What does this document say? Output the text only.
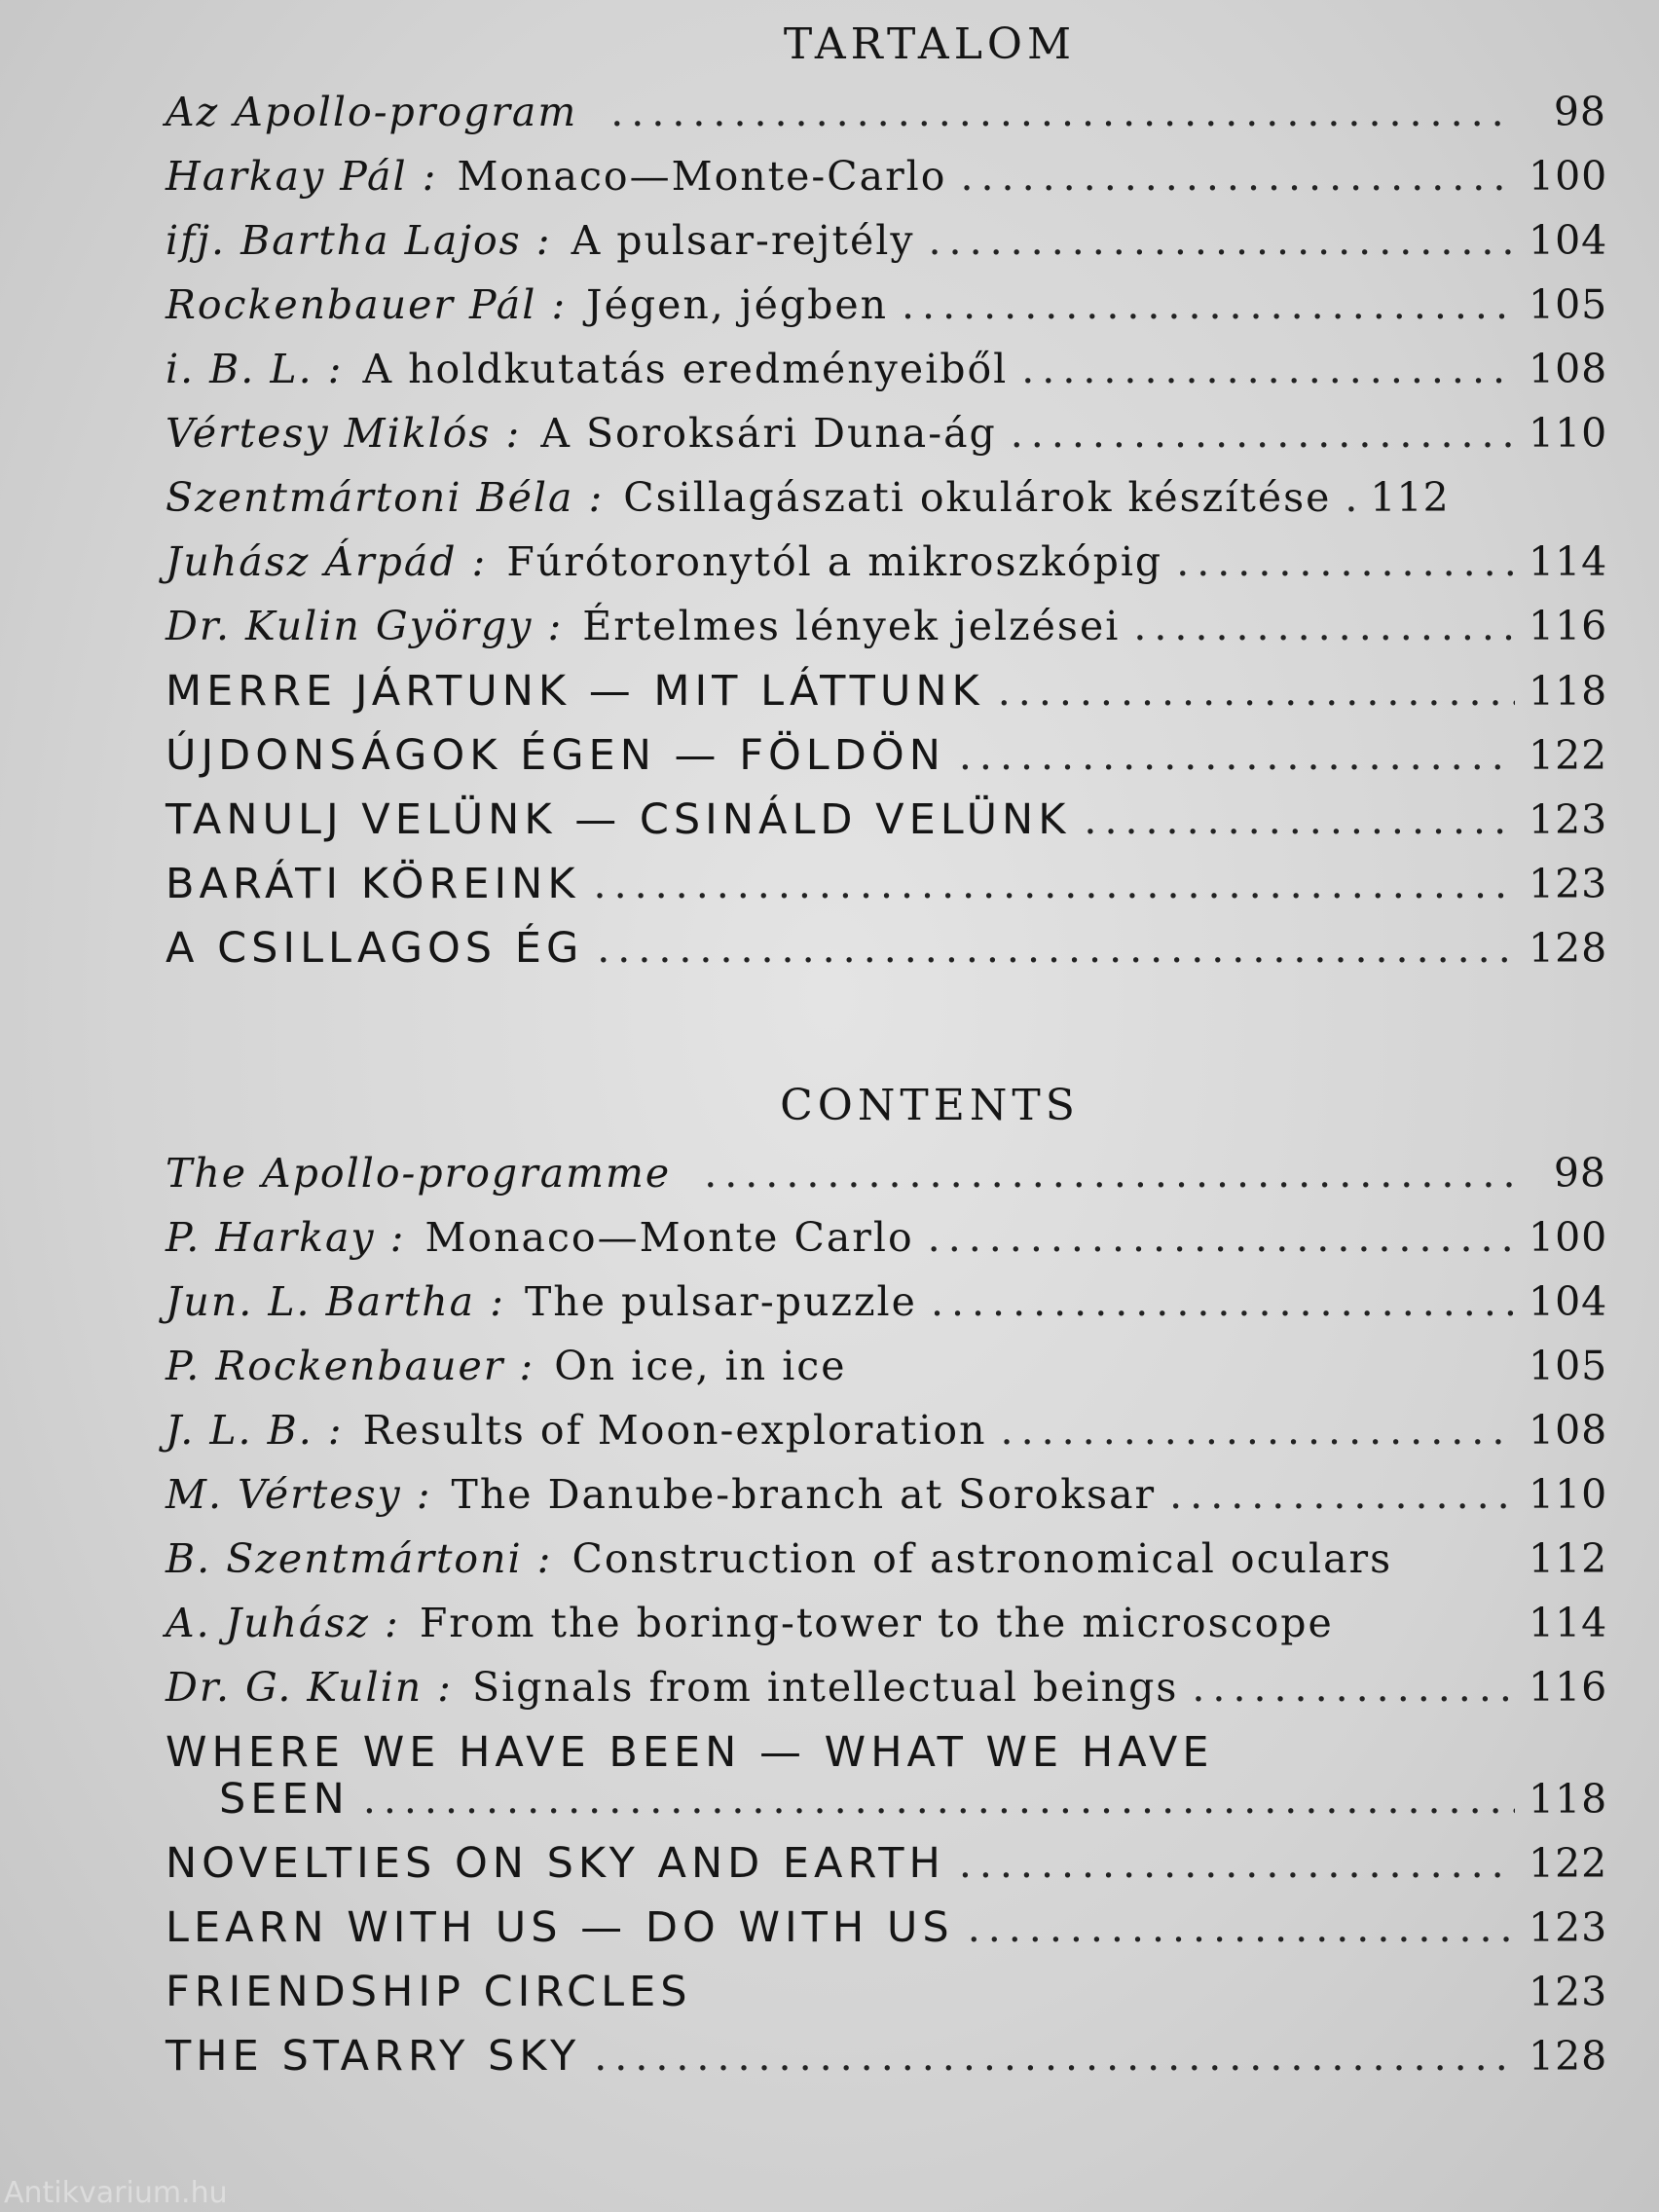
TARTALOM
Az Apollo-program .....	98
Harkay Pál : Monaco—Monte-Carlo .....	100
ifj. Bartha Lajos : A pulsar-rejtély .....	104
Rockenbauer Pál : Jégen, jégben .....	105
i. B. L. : A holdkutatás eredményeiből .....	108
Vértesy Miklós : A Soroksári Duna-ág .....	110
Szentmártoni Béla : Csillagászati okulárok készítése ..... 112
Juhász Árpád : Fúrótoronytól a mikroszkópig .....	114
Dr. Kulin György : Értelmes lények jelzései .....	116
MERRE JÁRTUNK — MIT LÁTTUNK .....	118
ÚJDONSÁGOK ÉGEN — FÖLDÖN .....	122
TANULJ VELÜNK — CSINÁLD VELÜNK .....	123
BARÁTI KÖREINK .....	123
A CSILLAGOS ÉG .....	128
CONTENTS
The Apollo-programme .....	98
P. Harkay : Monaco—Monte Carlo .....	100
Jun. L. Bartha : The pulsar-puzzle .....	104
P. Rockenbauer : On ice, in ice	105
J. L. B. : Results of Moon-exploration .....	108
M. Vértesy : The Danube-branch at Soroksar .....	110
B. Szentmártoni : Construction of astronomical oculars	112
A. Juhász : From the boring-tower to the microscope	114
Dr. G. Kulin : Signals from intellectual beings .....	116
WHERE WE HAVE BEEN — WHAT WE HAVE
SEEN .....	118
NOVELTIES ON SKY AND EARTH .....	122
LEARN WITH US — DO WITH US .....	123
FRIENDSHIP CIRCLES	123
THE STARRY SKY .....	128
Antikvarium.hu
